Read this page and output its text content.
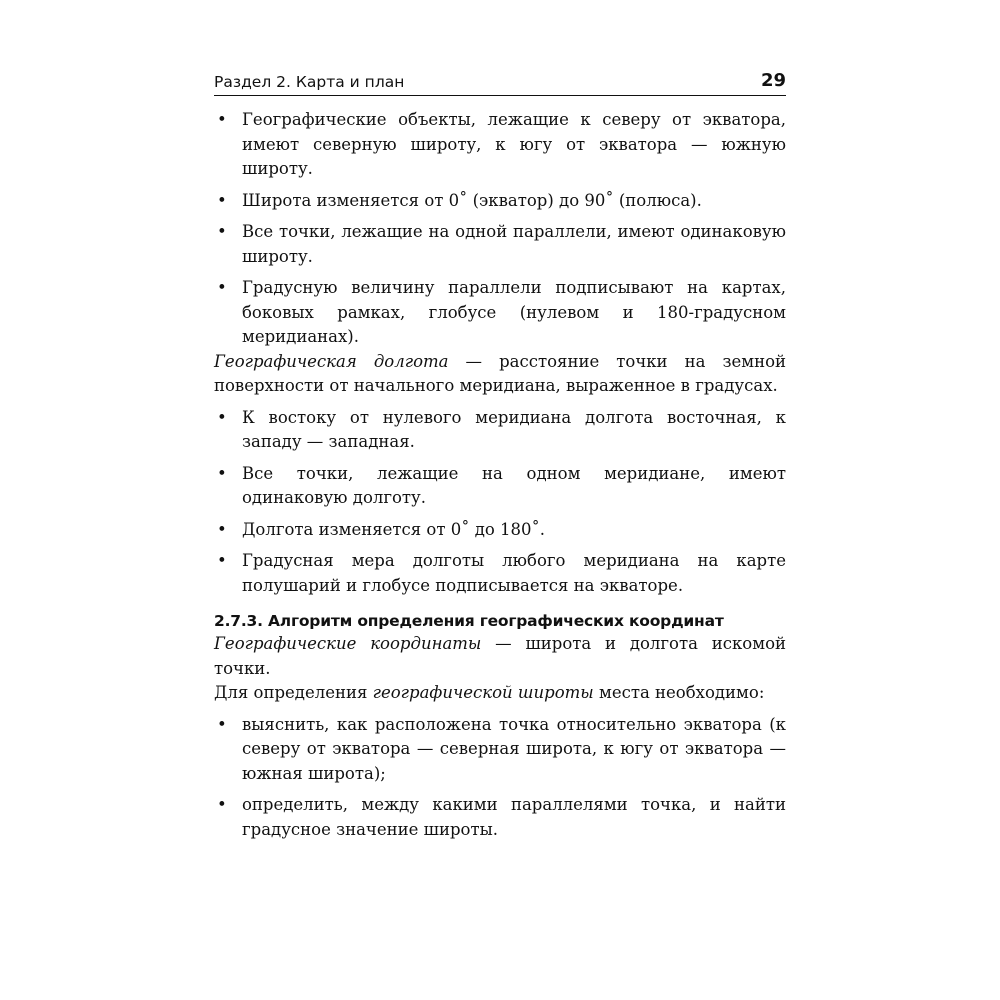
Раздел 2. Карта и план	29
• Географические объекты, лежащие к северу от экватора, имеют северную широту, к югу от экватора — южную широту.
• Широта изменяется от 0˚ (экватор) до 90˚ (полюса).
• Все точки, лежащие на одной параллели, имеют одинаковую широту.
• Градусную величину параллели подписывают на картах, боковых рамках, глобусе (нулевом и 180-градусном меридианах).

Географическая долгота — расстояние точки на земной поверхности от начального меридиана, выраженное в градусах.

• К востоку от нулевого меридиана долгота восточная, к западу — западная.
• Все точки, лежащие на одном меридиане, имеют одинаковую долготу.
• Долгота изменяется от 0˚ до 180˚.
• Градусная мера долготы любого меридиана на карте полушарий и глобусе подписывается на экваторе.
2.7.3. Алгоритм определения географических координат

Географические координаты — широта и долгота искомой точки.

Для определения географической широты места необходимо:

• выяснить, как расположена точка относительно экватора (к северу от экватора — северная широта, к югу от экватора — южная широта);
• определить, между какими параллелями точка, и найти градусное значение широты.
